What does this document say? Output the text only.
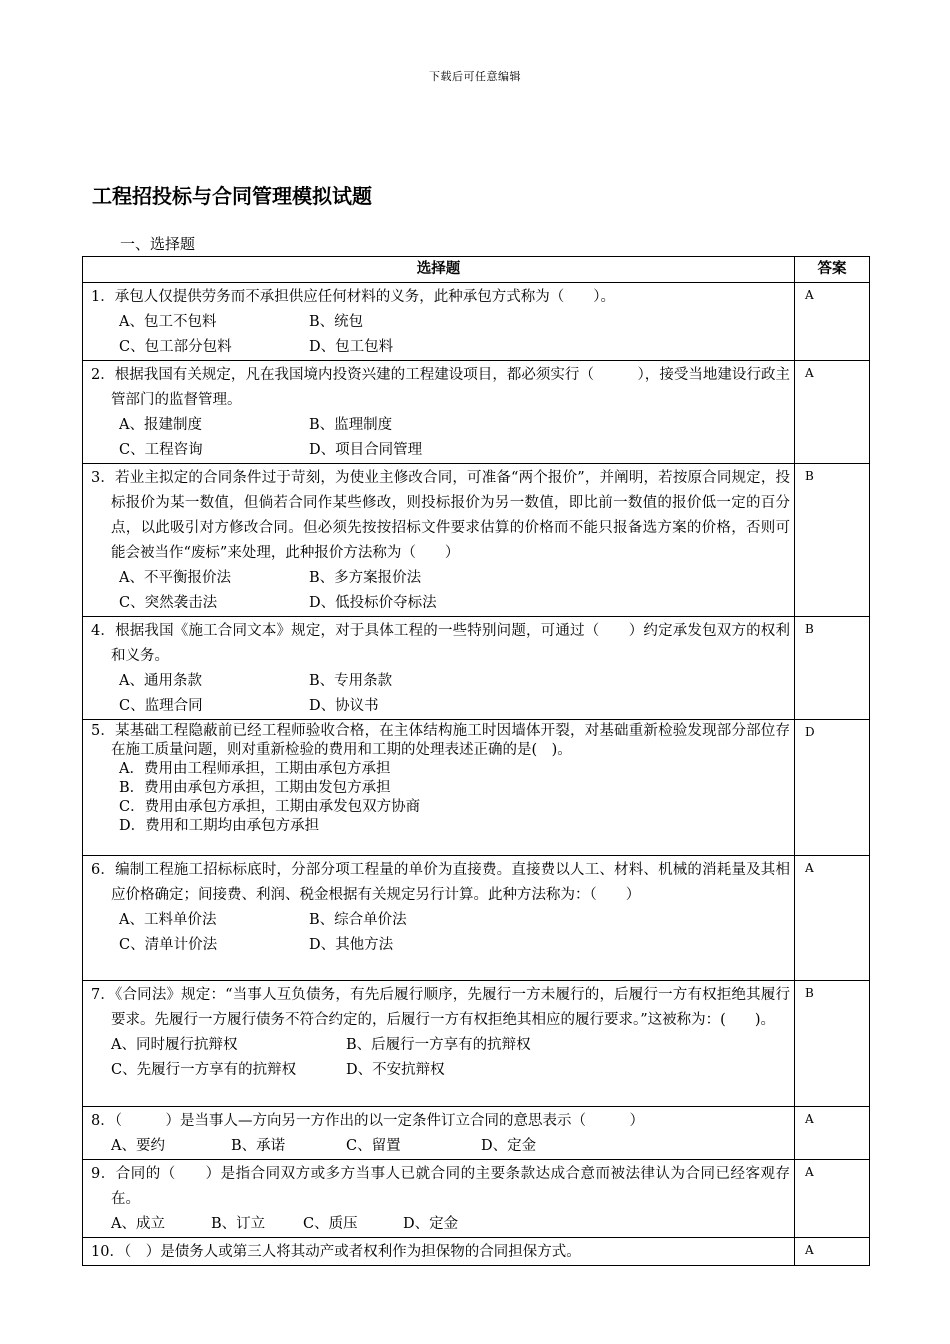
下载后可任意编辑
工程招投标与合同管理模拟试题
一、选择题
选择题	答案

1．承包人仅提供劳务而不承担供应任何材料的义务，此种承包方式称为（　　）。
A、包工不包料 B、统包
C、包工部分包料 D、包工包料	A

2．根据我国有关规定，凡在我国境内投资兴建的工程建设项目，都必须实行（　　　），接受当地建设行政主管部门的监督管理。
A、报建制度 B、监理制度
C、工程咨询 D、项目合同管理	A

3．若业主拟定的合同条件过于苛刻，为使业主修改合同，可准备“两个报价”，并阐明，若按原合同规定，投标报价为某一数值，但倘若合同作某些修改，则投标报价为另一数值，即比前一数值的报价低一定的百分点，以此吸引对方修改合同。但必须先按按招标文件要求估算的价格而不能只报备选方案的价格，否则可能会被当作“废标”来处理，此种报价方法称为（　　）
A、不平衡报价法 B、多方案报价法
C、突然袭击法 D、低投标价夺标法	B

4．根据我国《施工合同文本》规定，对于具体工程的一些特别问题，可通过（　　）约定承发包双方的权利和义务。
A、通用条款 B、专用条款
C、监理合同 D、协议书	B

5．某基础工程隐蔽前已经工程师验收合格，在主体结构施工时因墙体开裂，对基础重新检验发现部分部位存在施工质量问题，则对重新检验的费用和工期的处理表述正确的是(　)。
A．费用由工程师承担，工期由承包方承担
B．费用由承包方承担，工期由发包方承担
C．费用由承包方承担，工期由承发包双方协商
D．费用和工期均由承包方承担	D

6．编制工程施工招标标底时，分部分项工程量的单价为直接费。直接费以人工、材料、机械的消耗量及其相应价格确定；间接费、利润、税金根据有关规定另行计算。此种方法称为：（　　）
A、工料单价法 B、综合单价法
C、清单计价法 D、其他方法	A

7．《合同法》规定：“当事人互负债务，有先后履行顺序，先履行一方未履行的，后履行一方有权拒绝其履行要求。先履行一方履行债务不符合约定的，后履行一方有权拒绝其相应的履行要求。”这被称为：(　　)。
A、同时履行抗辩权 B、后履行一方享有的抗辩权
C、先履行一方享有的抗辩权 D、不安抗辩权	B

8．（　　　）是当事人—方向另一方作出的以一定条件订立合同的意思表示（　　　）
A、要约 B、承诺 C、留置 D、定金	A

9．合同的（　　）是指合同双方或多方当事人已就合同的主要条款达成合意而被法律认为合同已经客观存在。
A、成立 B、订立 C、质压 D、定金	A

10．（　）是债务人或第三人将其动产或者权利作为担保物的合同担保方式。	A
